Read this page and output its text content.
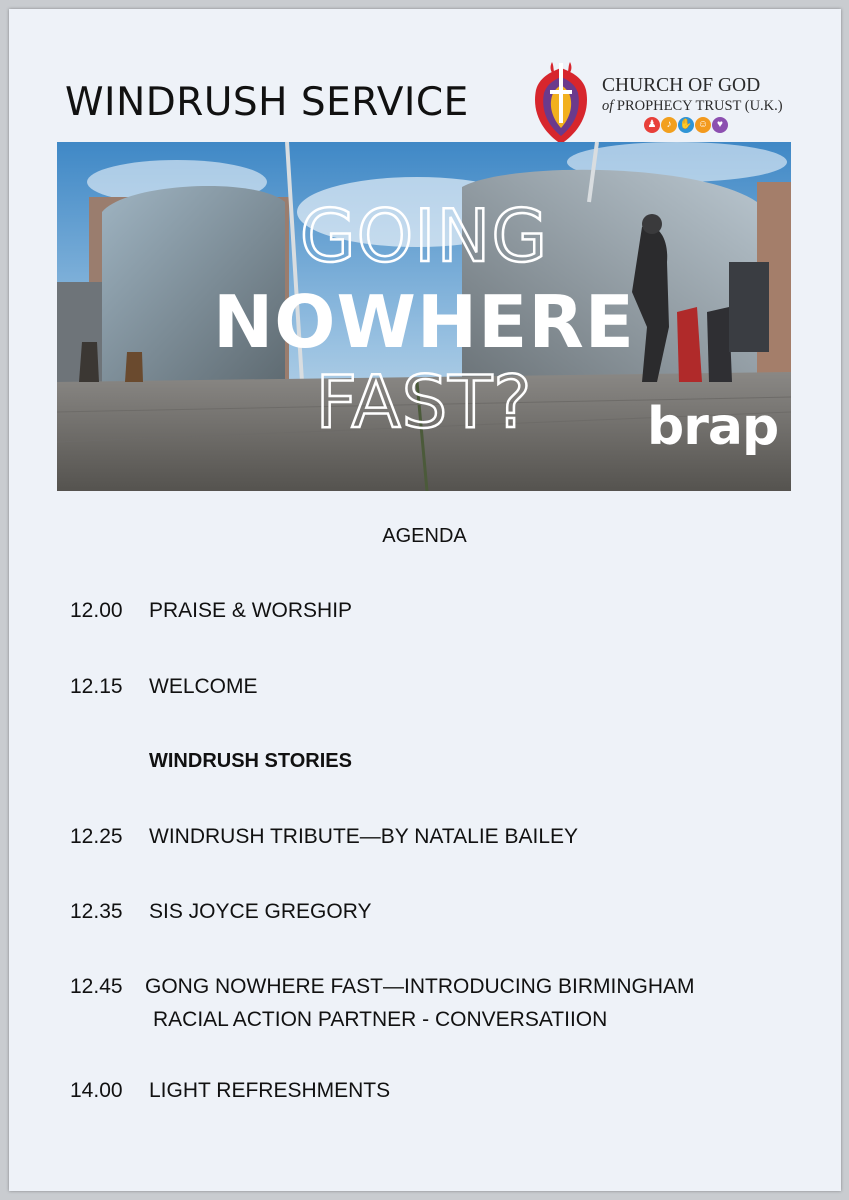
WINDRUSH SERVICE	CHURCH OF GOD
of PROPHECY TRUST (U.K.)
♟	♪ ✋ ☺ ♥
GOING
NOWHERE
FAST?	brap
AGENDA
12.00 PRAISE & WORSHIP
12.15 WELCOME
WINDRUSH STORIES
12.25 WINDRUSH TRIBUTE—BY NATALIE BAILEY
12.35 SIS JOYCE GREGORY
12.45 GONG NOWHERE FAST—INTRODUCING BIRMINGHAM
RACIAL ACTION PARTNER - CONVERSATIION
14.00 LIGHT REFRESHMENTS
